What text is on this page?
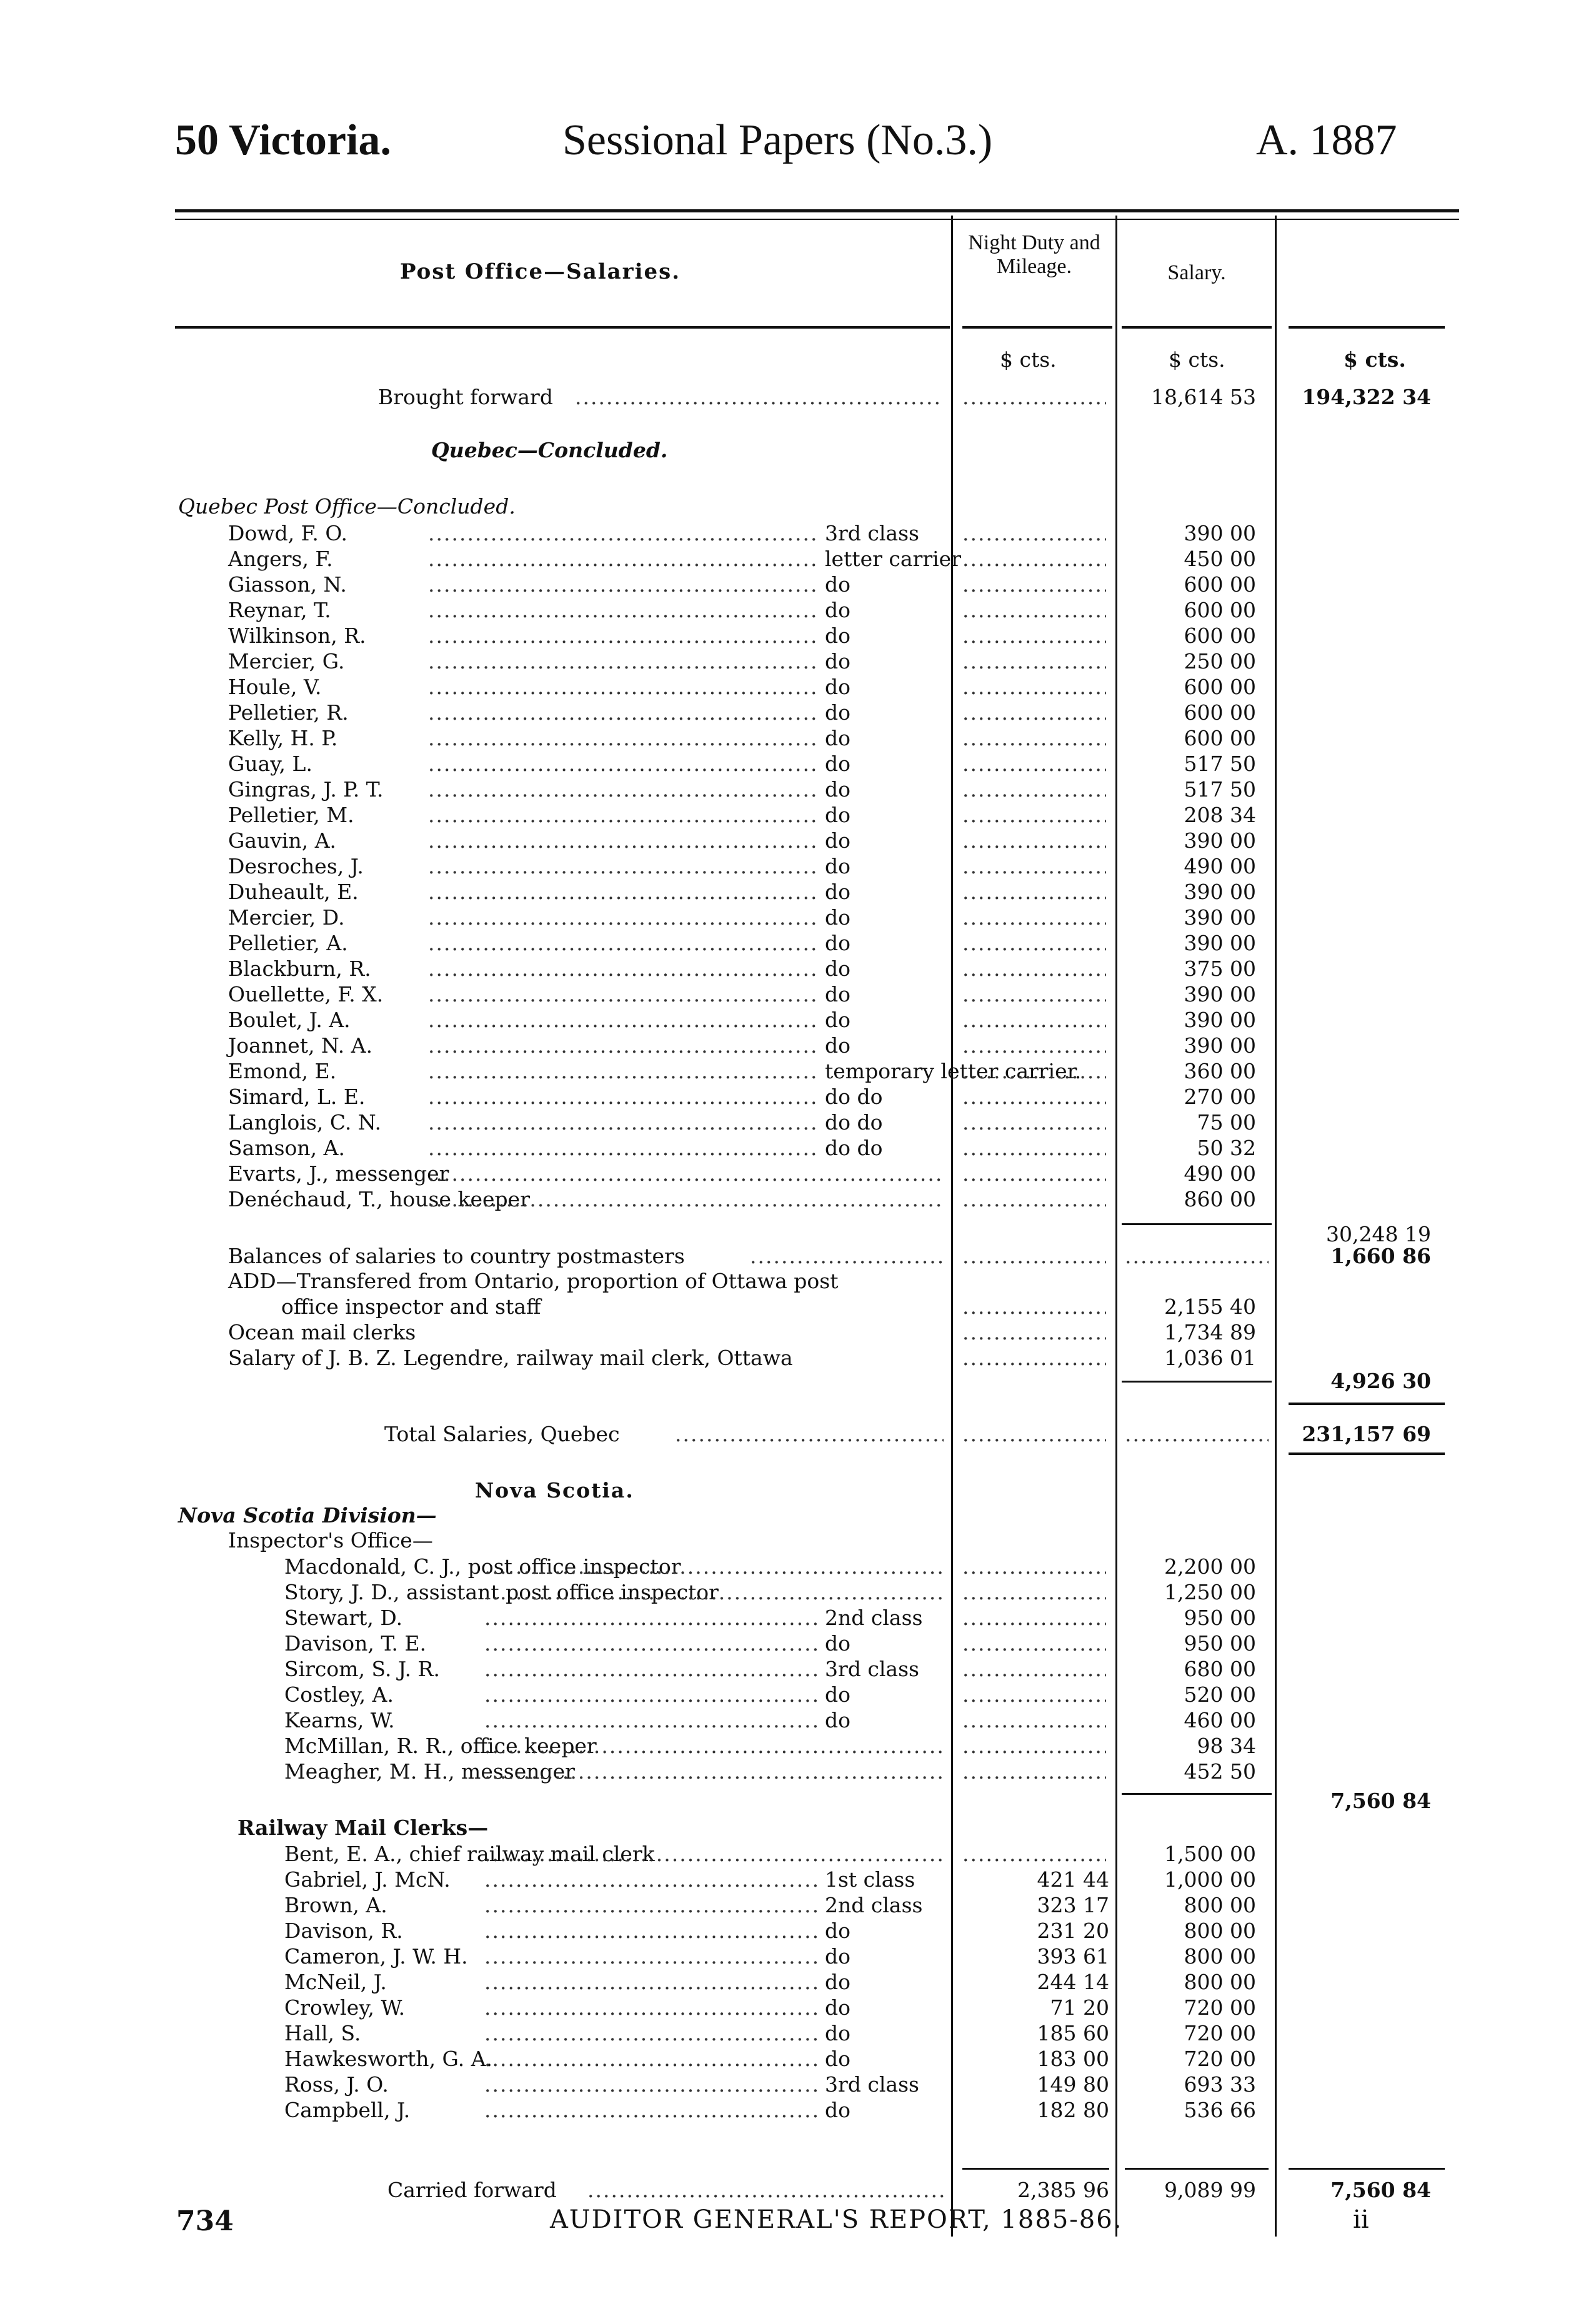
50 Victoria.	Sessional Papers (No.3.)	A. 1887
Post Office—Salaries.
Night Duty and Mileage.	Salary.
$ cts.	$ cts.	$ cts.
Brought forward ..... .....	18,614 53	194,322 34
Quebec—Concluded.
Quebec Post Office—Concluded.
Dowd, F. O. .....	3rd class .....	390 00
Angers, F. .....	letter carrier .....	450 00
Giasson, N. .....	do .....	600 00
Reynar, T. .....	do .....	600 00
Wilkinson, R. .....	do .....	600 00
Mercier, G. .....	do .....	250 00
Houle, V. .....	do .....	600 00
Pelletier, R. .....	do .....	600 00
Kelly, H. P. .....	do .....	600 00
Guay, L. .....	do .....	517 50
Gingras, J. P. T. .....	do .....	517 50
Pelletier, M. .....	do .....	208 34
Gauvin, A. .....	do .....	390 00
Desroches, J. .....	do .....	490 00
Duheault, E. .....	do .....	390 00
Mercier, D. .....	do .....	390 00
Pelletier, A. .....	do .....	390 00
Blackburn, R. .....	do .....	375 00
Ouellette, F. X. .....	do .....	390 00
Boulet, J. A. .....	do .....	390 00
Joannet, N. A. .....	do .....	390 00
Emond, E. .....	temporary letter carrier. .....	360 00
Simard, L. E. .....	do do .....	270 00
Langlois, C. N. .....	do do .....	75 00
Samson, A. .....	do do .....	50 32
Evarts, J., messenger ..... .....	490 00
Denéchaud, T., house keeper ..... .....	860 00
30,248 19
Balances of salaries to country postmasters ..... ..... .....	1,660 86
ADD—Transfered from Ontario, proportion of Ottawa post
office inspector and staff .....	2,155 40
Ocean mail clerks .....	1,734 89
Salary of J. B. Z. Legendre, railway mail clerk, Ottawa .....	1,036 01
4,926 30
Total Salaries, Quebec ..... ..... .....	231,157 69
Nova Scotia.
Nova Scotia Division—
Inspector's Office—
Macdonald, C. J., post office inspector ..... .....	2,200 00
Story, J. D., assistant post office inspector ..... .....	1,250 00
Stewart, D. .....	2nd class .....	950 00
Davison, T. E. .....	do .....	950 00
Sircom, S. J. R. .....	3rd class .....	680 00
Costley, A. .....	do .....	520 00
Kearns, W. .....	do .....	460 00
McMillan, R. R., office keeper ..... .....	98 34
Meagher, M. H., messenger ..... .....	452 50
7,560 84
Railway Mail Clerks—
Bent, E. A., chief railway mail clerk ..... .....	1,500 00
Gabriel, J. McN. .....	1st class	421 44	1,000 00
Brown, A. .....	2nd class	323 17	800 00
Davison, R. .....	do	231 20	800 00
Cameron, J. W. H. .....	do	393 61	800 00
McNeil, J. .....	do	244 14	800 00
Crowley, W. .....	do	71 20	720 00
Hall, S. .....	do	185 60	720 00
Hawkesworth, G. A. .....	do	183 00	720 00
Ross, J. O. .....	3rd class	149 80	693 33
Campbell, J. .....	do	182 80	536 66
Carried forward .....	2,385 96	9,089 99	7,560 84
734	AUDITOR GENERAL'S REPORT, 1885-86.	ii
